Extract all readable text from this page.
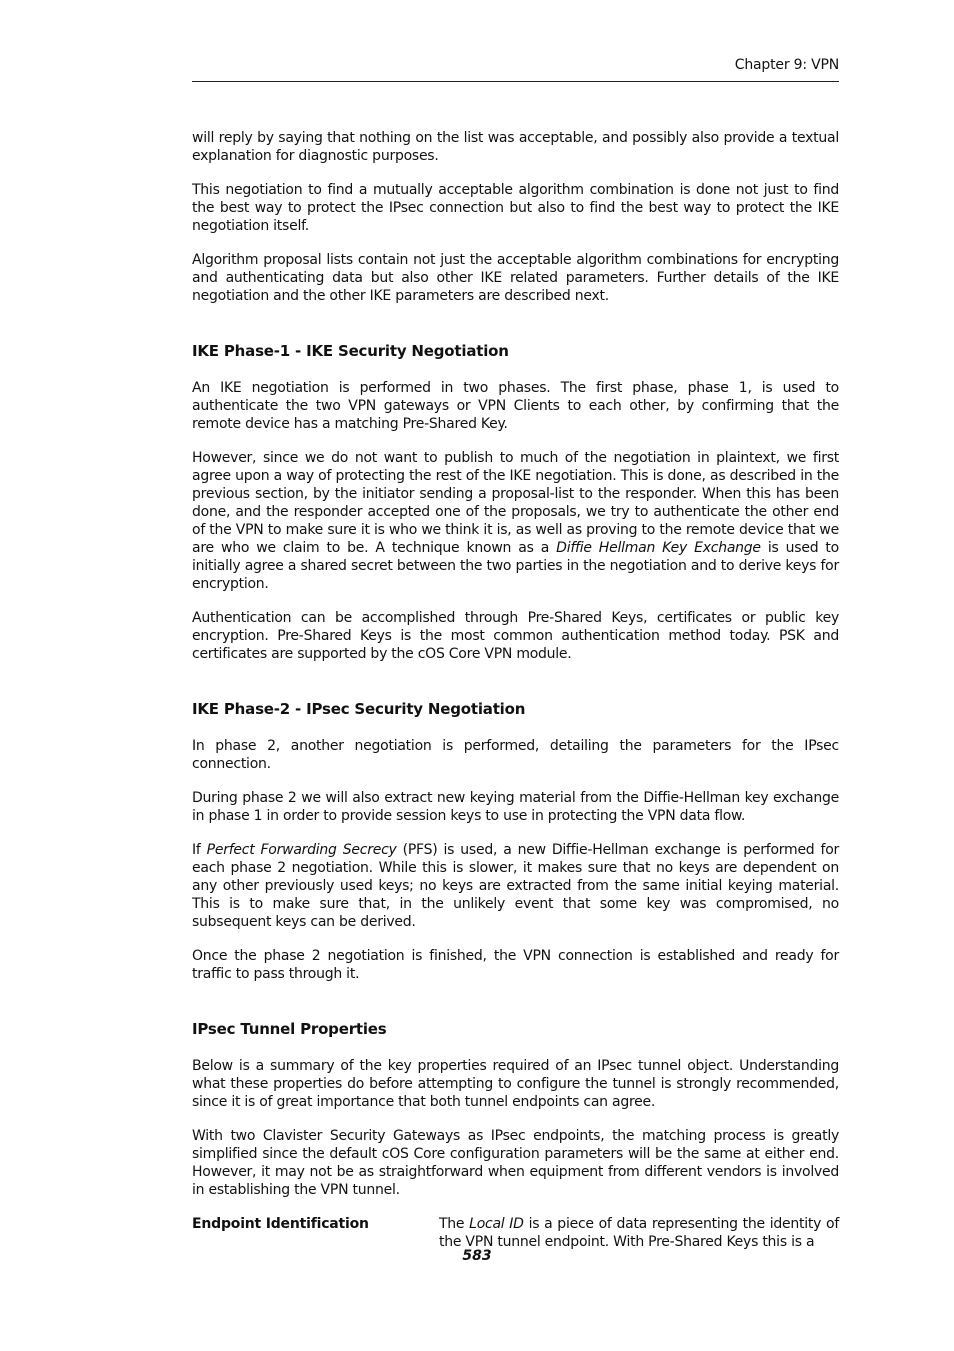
Chapter 9: VPN

will reply by saying that nothing on the list was acceptable, and possibly also provide a textual explanation for diagnostic purposes.

This negotiation to find a mutually acceptable algorithm combination is done not just to find the best way to protect the IPsec connection but also to find the best way to protect the IKE negotiation itself.

Algorithm proposal lists contain not just the acceptable algorithm combinations for encrypting and authenticating data but also other IKE related parameters. Further details of the IKE negotiation and the other IKE parameters are described next.

IKE Phase-1 - IKE Security Negotiation

An IKE negotiation is performed in two phases. The first phase, phase 1, is used to authenticate the two VPN gateways or VPN Clients to each other, by confirming that the remote device has a matching Pre-Shared Key.

However, since we do not want to publish to much of the negotiation in plaintext, we first agree upon a way of protecting the rest of the IKE negotiation. This is done, as described in the previous section, by the initiator sending a proposal-list to the responder. When this has been done, and the responder accepted one of the proposals, we try to authenticate the other end of the VPN to make sure it is who we think it is, as well as proving to the remote device that we are who we claim to be. A technique known as a Diffie Hellman Key Exchange is used to initially agree a shared secret between the two parties in the negotiation and to derive keys for encryption.

Authentication can be accomplished through Pre-Shared Keys, certificates or public key encryption. Pre-Shared Keys is the most common authentication method today. PSK and certificates are supported by the cOS Core VPN module.

IKE Phase-2 - IPsec Security Negotiation

In phase 2, another negotiation is performed, detailing the parameters for the IPsec connection.

During phase 2 we will also extract new keying material from the Diffie-Hellman key exchange in phase 1 in order to provide session keys to use in protecting the VPN data flow.

If Perfect Forwarding Secrecy (PFS) is used, a new Diffie-Hellman exchange is performed for each phase 2 negotiation. While this is slower, it makes sure that no keys are dependent on any other previously used keys; no keys are extracted from the same initial keying material. This is to make sure that, in the unlikely event that some key was compromised, no subsequent keys can be derived.

Once the phase 2 negotiation is finished, the VPN connection is established and ready for traffic to pass through it.

IPsec Tunnel Properties

Below is a summary of the key properties required of an IPsec tunnel object. Understanding what these properties do before attempting to configure the tunnel is strongly recommended, since it is of great importance that both tunnel endpoints can agree.

With two Clavister Security Gateways as IPsec endpoints, the matching process is greatly simplified since the default cOS Core configuration parameters will be the same at either end. However, it may not be as straightforward when equipment from different vendors is involved in establishing the VPN tunnel.

Endpoint Identification	The Local ID is a piece of data representing the identity of the VPN tunnel endpoint. With Pre-Shared Keys this is a
583
